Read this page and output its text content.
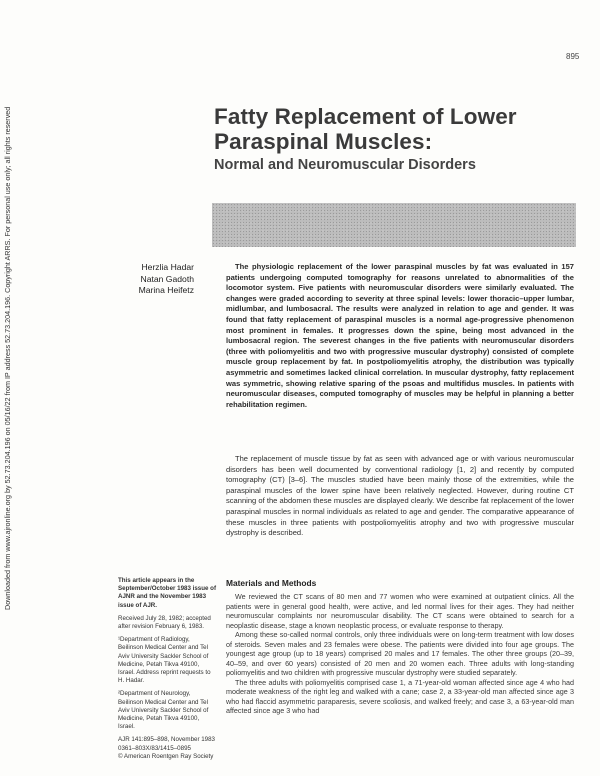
Downloaded from www.ajronline.org by 52.73.204.196 on 05/16/22 from IP address 52.73.204.196. Copyright ARRS. For personal use only; all rights reserved
895
Fatty Replacement of Lower
Paraspinal Muscles:
Normal and Neuromuscular Disorders
Herzlia Hadar
Natan Gadoth
Marina Heifetz

The physiologic replacement of the lower paraspinal muscles by fat was evaluated in 157 patients undergoing computed tomography for reasons unrelated to abnormalities of the locomotor system. Five patients with neuromuscular disorders were similarly evaluated. The changes were graded according to severity at three spinal levels: lower thoracic–upper lumbar, midlumbar, and lumbosacral. The results were analyzed in relation to age and gender. It was found that fatty replacement of paraspinal muscles is a normal age-progressive phenomenon most prominent in females. It progresses down the spine, being most advanced in the lumbosacral region. The severest changes in the five patients with neuromuscular disorders (three with poliomyelitis and two with progressive muscular dystrophy) consisted of complete muscle group replacement by fat. In postpoliomyelitis atrophy, the distribution was typically asymmetric and sometimes lacked clinical correlation. In muscular dystrophy, fatty replacement was symmetric, showing relative sparing of the psoas and multifidus muscles. In patients with neuromuscular diseases, computed tomography of muscles may be helpful in planning a better rehabilitation regimen.

The replacement of muscle tissue by fat as seen with advanced age or with various neuromuscular disorders has been well documented by conventional radiology [1, 2] and recently by computed tomography (CT) [3–6]. The muscles studied have been mainly those of the extremities, while the paraspinal muscles of the lower spine have been relatively neglected. However, during routine CT scanning of the abdomen these muscles are displayed clearly. We describe fat replacement of the lower paraspinal muscles in normal individuals as related to age and gender. The comparative appearance of these muscles in three patients with postpoliomyelitis atrophy and two with progressive muscular dystrophy is described.

Materials and Methods

We reviewed the CT scans of 80 men and 77 women who were examined at outpatient clinics. All the patients were in general good health, were active, and led normal lives for their ages. They had neither neuromuscular complaints nor neuromuscular disability. The CT scans were obtained to search for a neoplastic disease, stage a known neoplastic process, or evaluate response to therapy.

Among these so-called normal controls, only three individuals were on long-term treatment with low doses of steroids. Seven males and 23 females were obese. The patients were divided into four age groups. The youngest age group (up to 18 years) comprised 20 males and 17 females. The other three groups (20–39, 40–59, and over 60 years) consisted of 20 men and 20 women each. Three adults with long-standing poliomyelitis and two children with progressive muscular dystrophy were studied separately.

The three adults with poliomyelitis comprised case 1, a 71-year-old woman affected since age 4 who had moderate weakness of the right leg and walked with a cane; case 2, a 33-year-old man affected since age 3 who had flaccid asymmetric paraparesis, severe scoliosis, and walked freely; and case 3, a 63-year-old man affected since age 3 who had

This article appears in the September/October 1983 issue of AJNR and the November 1983 issue of AJR.

Received July 28, 1982; accepted after revision February 6, 1983.

¹Department of Radiology, Beilinson Medical Center and Tel Aviv University Sackler School of Medicine, Petah Tikva 49100, Israel. Address reprint requests to H. Hadar.

²Department of Neurology, Beilinson Medical Center and Tel Aviv University Sackler School of Medicine, Petah Tikva 49100, Israel.

AJR 141:895–898, November 1983

0361–803X/83/1415–0895

© American Roentgen Ray Society
